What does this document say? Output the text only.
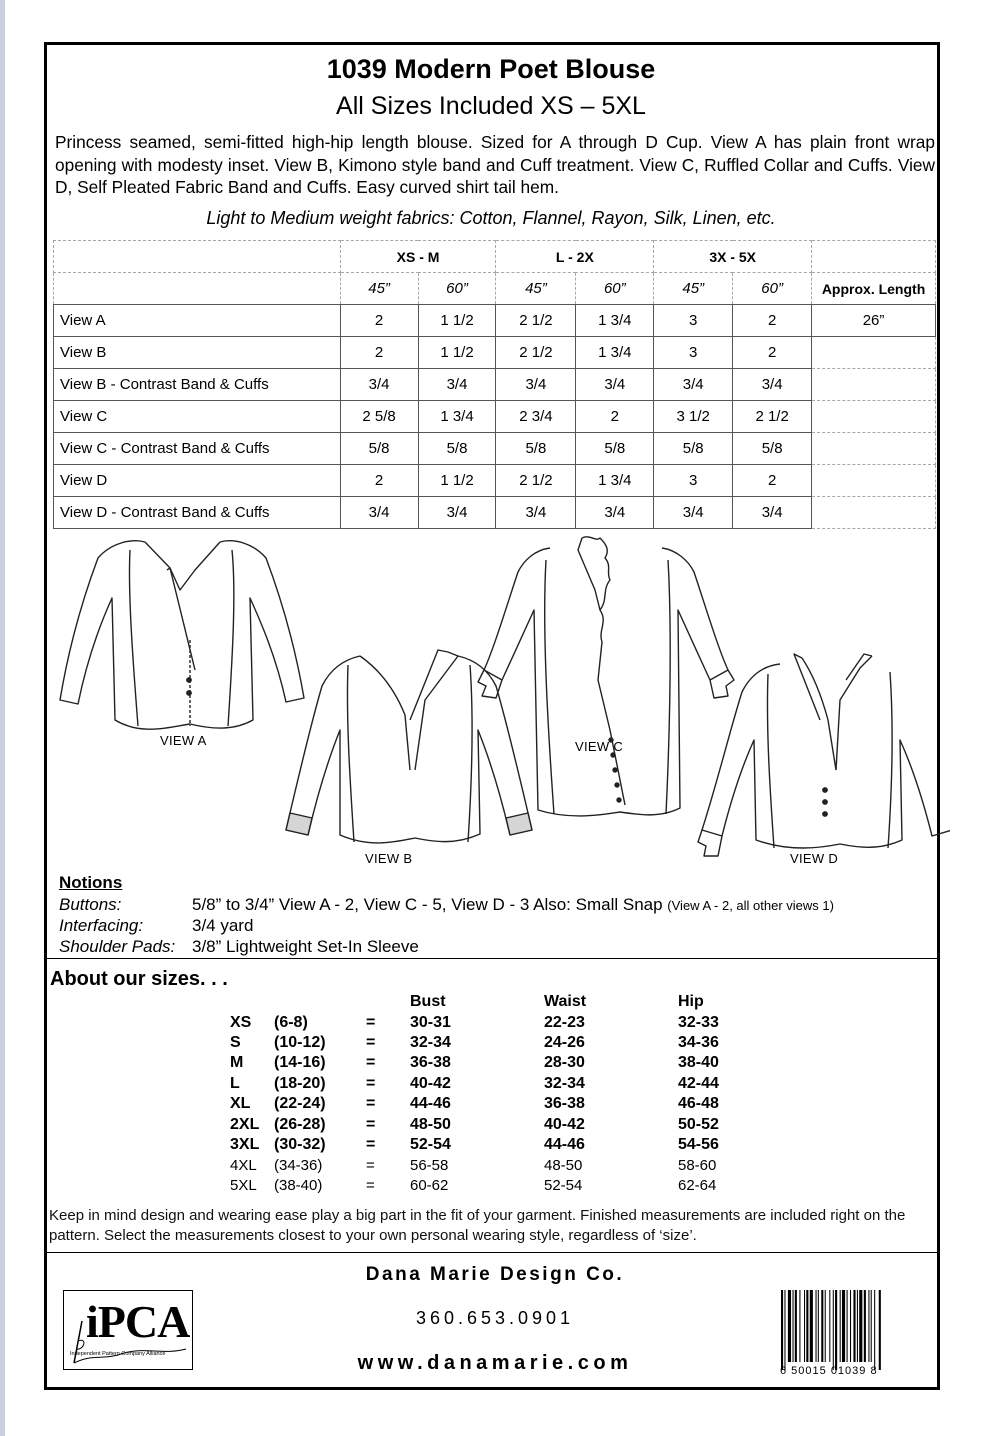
1039 Modern Poet Blouse
All Sizes Included XS – 5XL
Princess seamed, semi-fitted high-hip length blouse. Sized for A through D Cup. View A has plain front wrap opening with modesty inset. View B, Kimono style band and Cuff treatment. View C, Ruffled Collar and Cuffs. View D, Self Pleated Fabric Band and Cuffs. Easy curved shirt tail hem.
Light to Medium weight fabrics: Cotton, Flannel, Rayon, Silk, Linen, etc.
	XS - M		L - 2X		3X - 5X		
	45”	60”	45”	60”	45”	60”	Approx. Length
View A	2	1 1/2	2 1/2	1 3/4	3	2	26”
View B	2	1 1/2	2 1/2	1 3/4	3	2	
View B - Contrast Band & Cuffs	3/4	3/4	3/4	3/4	3/4	3/4	
View C	2 5/8	1 3/4	2 3/4	2	3 1/2	2 1/2	
View C - Contrast Band & Cuffs	5/8	5/8	5/8	5/8	5/8	5/8	
View D	2	1 1/2	2 1/2	1 3/4	3	2	
View D - Contrast Band & Cuffs	3/4	3/4	3/4	3/4	3/4	3/4	
VIEW A
VIEW B
VIEW C
VIEW D
Notions
Buttons:	5/8” to 3/4” View A - 2, View C - 5, View D - 3 Also: Small Snap (View A - 2, all other views 1)
Interfacing:	3/4 yard
Shoulder Pads: 3/8” Lightweight Set-In Sleeve
About our sizes. . .
			Bust	Waist	Hip
XS	(6-8)	=	30-31	22-23	32-33
S	(10-12)	=	32-34	24-26	34-36
M	(14-16)	=	36-38	28-30	38-40
L	(18-20)	=	40-42	32-34	42-44
XL	(22-24)	=	44-46	36-38	46-48
2XL	(26-28)	=	48-50	40-42	50-52
3XL	(30-32)	=	52-54	44-46	54-56
4XL	(34-36)	=	56-58	48-50	58-60
5XL	(38-40)	=	60-62	52-54	62-64
Keep in mind design and wearing ease play a big part in the fit of your garment. Finished measurements are included right on the pattern. Select the measurements closest to your own personal wearing style, regardless of ‘size’.
Dana Marie Design Co.
360.653.0901
www.danamarie.com
iPCA
Independent Pattern Company Alliance
6 50015 01039 8
